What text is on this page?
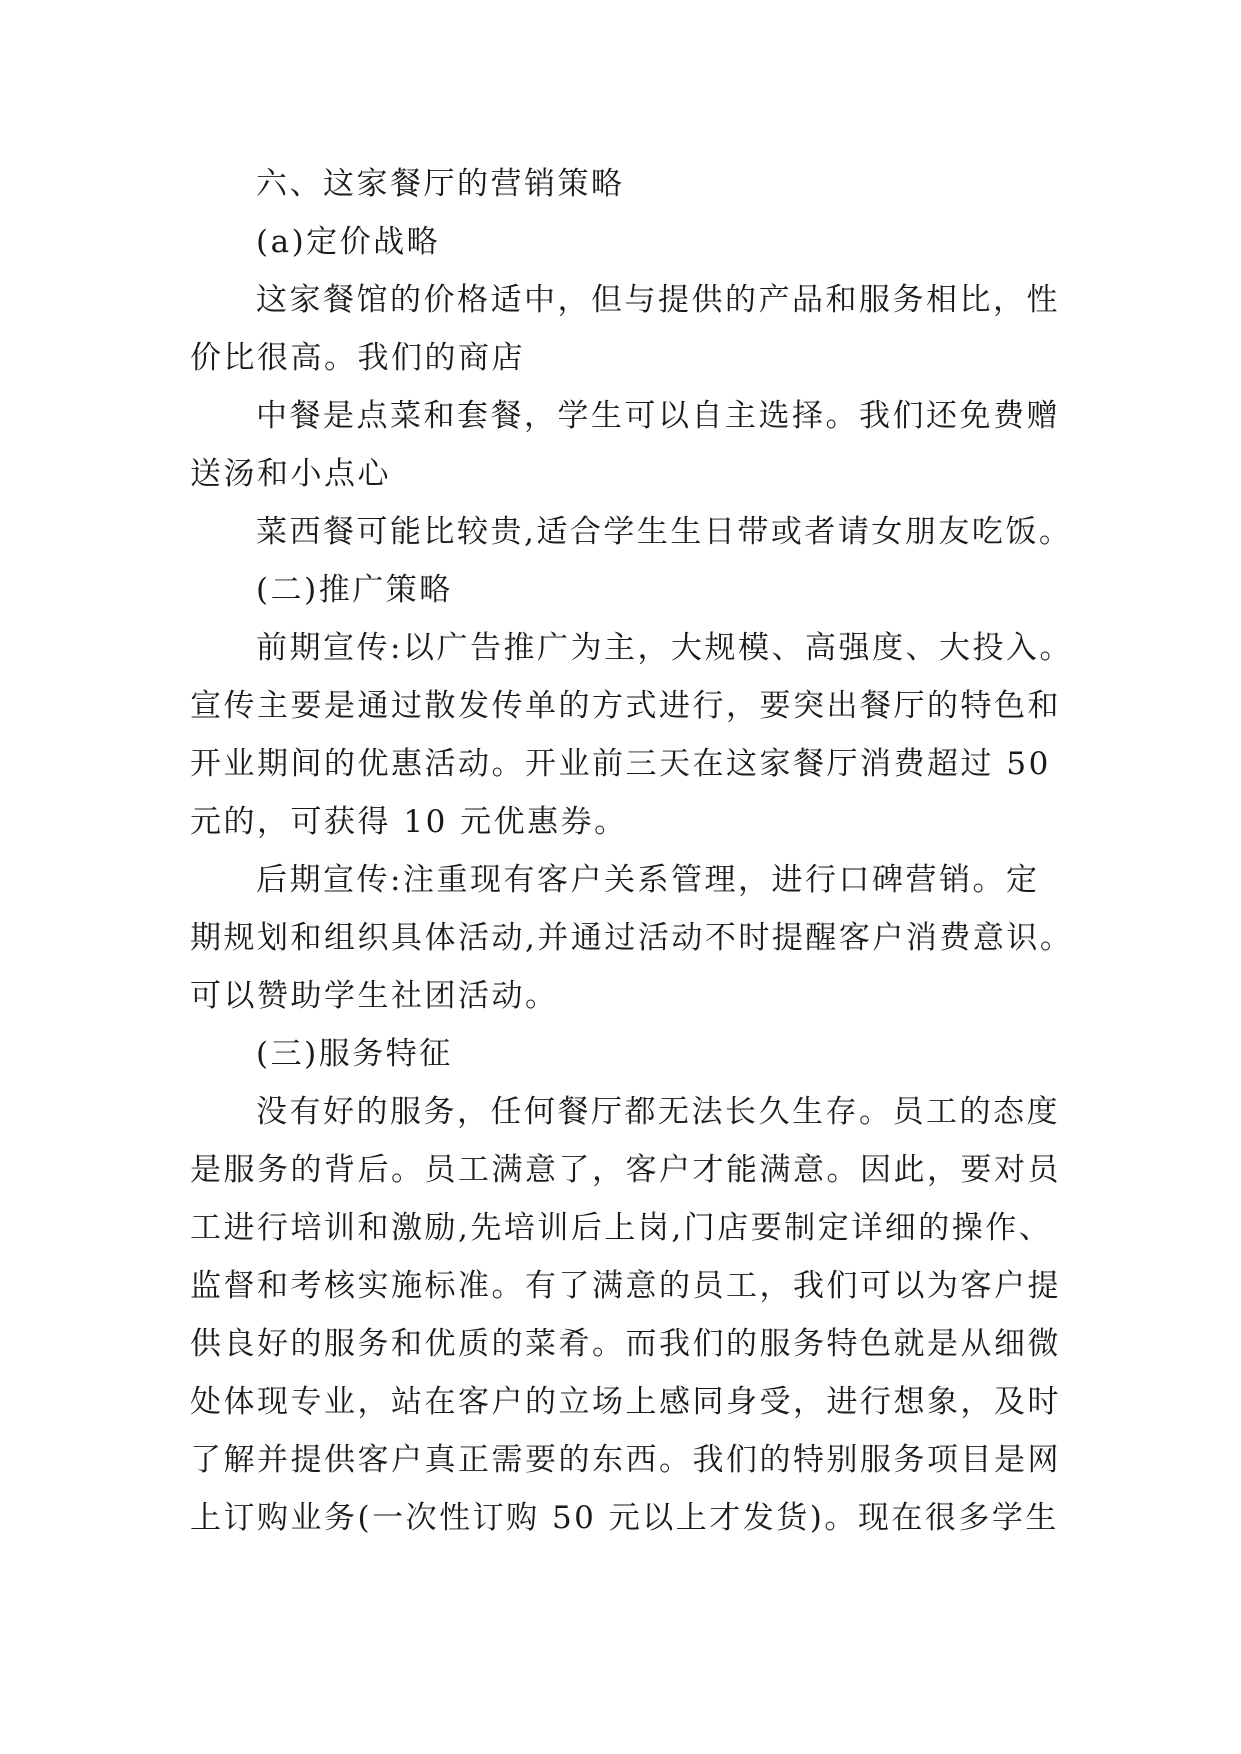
六、这家餐厅的营销策略

(a)定价战略

这家餐馆的价格适中，但与提供的产品和服务相比，性
价比很高。我们的商店

中餐是点菜和套餐，学生可以自主选择。我们还免费赠
送汤和小点心

菜西餐可能比较贵,适合学生生日带或者请女朋友吃饭。

(二)推广策略

前期宣传:以广告推广为主，大规模、高强度、大投入。
宣传主要是通过散发传单的方式进行，要突出餐厅的特色和
开业期间的优惠活动。开业前三天在这家餐厅消费超过 50
元的，可获得 10 元优惠券。

后期宣传:注重现有客户关系管理，进行口碑营销。定
期规划和组织具体活动,并通过活动不时提醒客户消费意识。
可以赞助学生社团活动。

(三)服务特征

没有好的服务，任何餐厅都无法长久生存。员工的态度
是服务的背后。员工满意了，客户才能满意。因此，要对员
工进行培训和激励,先培训后上岗,门店要制定详细的操作、
监督和考核实施标准。有了满意的员工，我们可以为客户提
供良好的服务和优质的菜肴。而我们的服务特色就是从细微
处体现专业，站在客户的立场上感同身受，进行想象，及时
了解并提供客户真正需要的东西。我们的特别服务项目是网
上订购业务(一次性订购 50 元以上才发货)。现在很多学生
